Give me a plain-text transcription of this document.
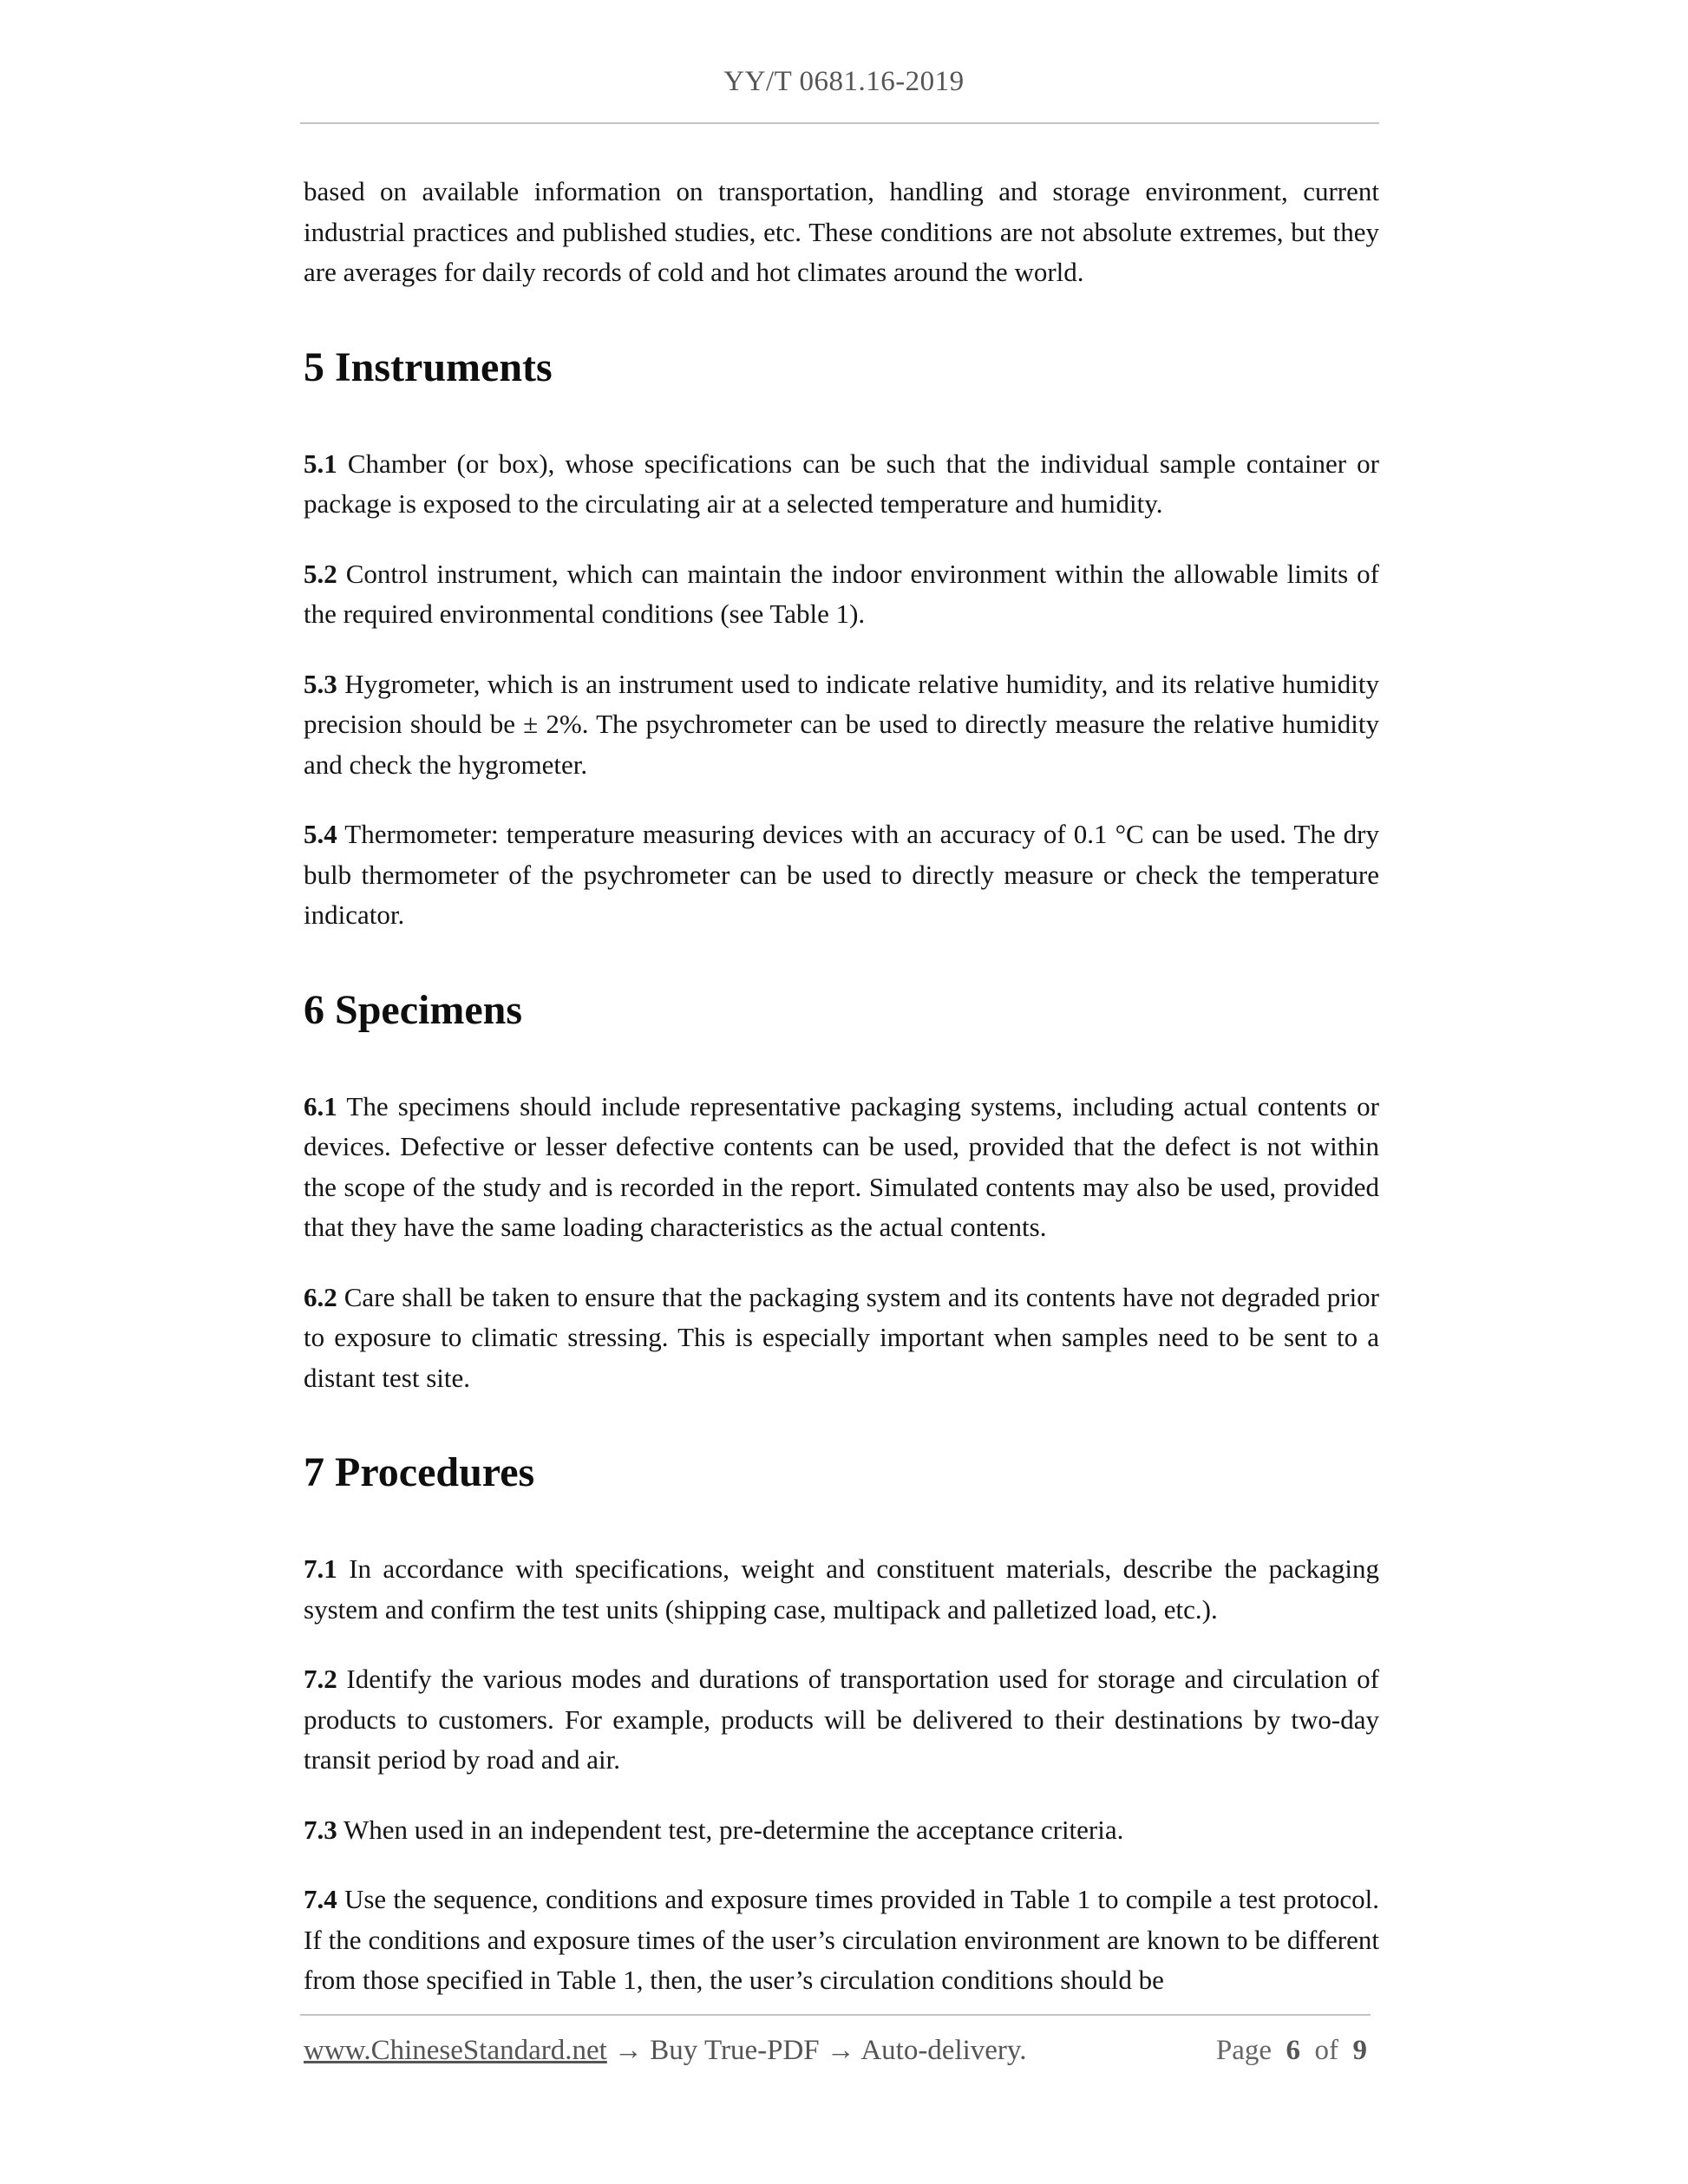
YY/T 0681.16-2019

based on available information on transportation, handling and storage environment, current industrial practices and published studies, etc. These conditions are not absolute extremes, but they are averages for daily records of cold and hot climates around the world.

5 Instruments

5.1 Chamber (or box), whose specifications can be such that the individual sample container or package is exposed to the circulating air at a selected temperature and humidity.

5.2 Control instrument, which can maintain the indoor environment within the allowable limits of the required environmental conditions (see Table 1).

5.3 Hygrometer, which is an instrument used to indicate relative humidity, and its relative humidity precision should be ± 2%. The psychrometer can be used to directly measure the relative humidity and check the hygrometer.

5.4 Thermometer: temperature measuring devices with an accuracy of 0.1 °C can be used. The dry bulb thermometer of the psychrometer can be used to directly measure or check the temperature indicator.

6 Specimens

6.1 The specimens should include representative packaging systems, including actual contents or devices. Defective or lesser defective contents can be used, provided that the defect is not within the scope of the study and is recorded in the report. Simulated contents may also be used, provided that they have the same loading characteristics as the actual contents.

6.2 Care shall be taken to ensure that the packaging system and its contents have not degraded prior to exposure to climatic stressing. This is especially important when samples need to be sent to a distant test site.

7 Procedures

7.1 In accordance with specifications, weight and constituent materials, describe the packaging system and confirm the test units (shipping case, multipack and palletized load, etc.).

7.2 Identify the various modes and durations of transportation used for storage and circulation of products to customers. For example, products will be delivered to their destinations by two-day transit period by road and air.

7.3 When used in an independent test, pre-determine the acceptance criteria.

7.4 Use the sequence, conditions and exposure times provided in Table 1 to compile a test protocol. If the conditions and exposure times of the user’s circulation environment are known to be different from those specified in Table 1, then, the user’s circulation conditions should be

www.ChineseStandard.net → Buy True-PDF → Auto-delivery.	Page 6 of 9
